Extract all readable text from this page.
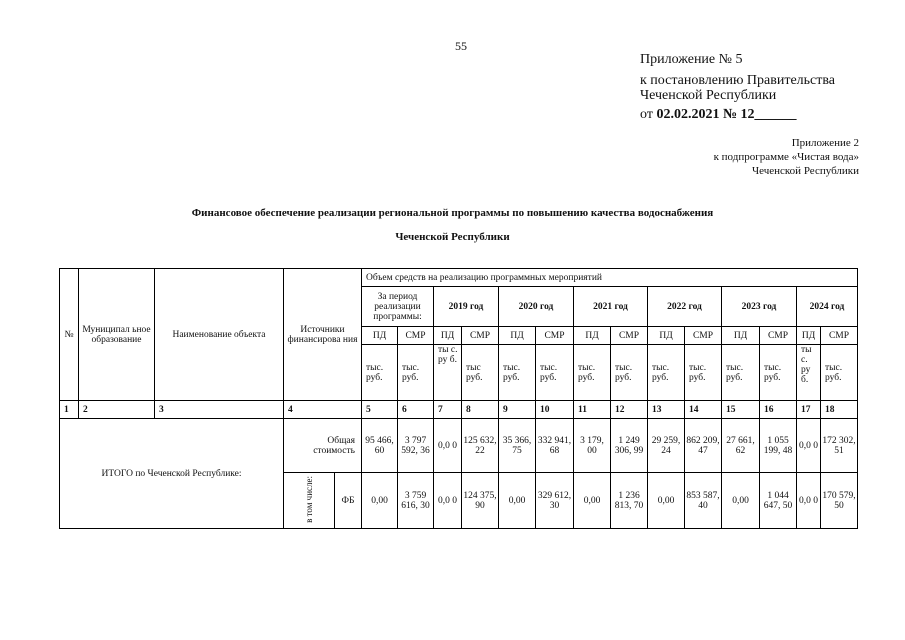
55
Приложение № 5
к постановлению Правительства
Чеченской Республики
от 02.02.2021 № 12______
Приложение 2
к подпрограмме «Чистая вода»
Чеченской Республики
Финансовое обеспечение реализации региональной программы по повышению качества водоснабжения
Чеченской Республики
№	Муниципал ьное образование	Наименование объекта	Источники финансирова ния		Объем средств на реализацию программных мероприятий													
					За период реализации программы:		2019 год		2020 год		2021 год		2022 год		2023 год		2024 год	
					ПД	СМР	ПД	СМР	ПД	СМР	ПД	СМР	ПД	СМР	ПД	СМР	ПД	СМР
					тыс. руб.	тыс. руб.	ты с. ру б.	тыс руб.	тыс. руб.	тыс. руб.	тыс. руб.	тыс. руб.	тыс. руб.	тыс. руб.	тыс. руб.	тыс. руб.	ты с. ру б.	тыс. руб.
1	2	3	4		5	6	7	8	9	10	11	12	13	14	15	16	17	18
ИТОГО по Чеченской Республике:			Общая стоимость		95 466, 60	3 797 592, 36	0,0 0	125 632, 22	35 366, 75	332 941, 68	3 179, 00	1 249 306, 99	29 259, 24	862 209, 47	27 661, 62	1 055 199, 48	0,0 0	172 302, 51
			в том числе:	ФБ	0,00	3 759 616, 30	0,0 0	124 375, 90	0,00	329 612, 30	0,00	1 236 813, 70	0,00	853 587, 40	0,00	1 044 647, 50	0,0 0	170 579, 50
